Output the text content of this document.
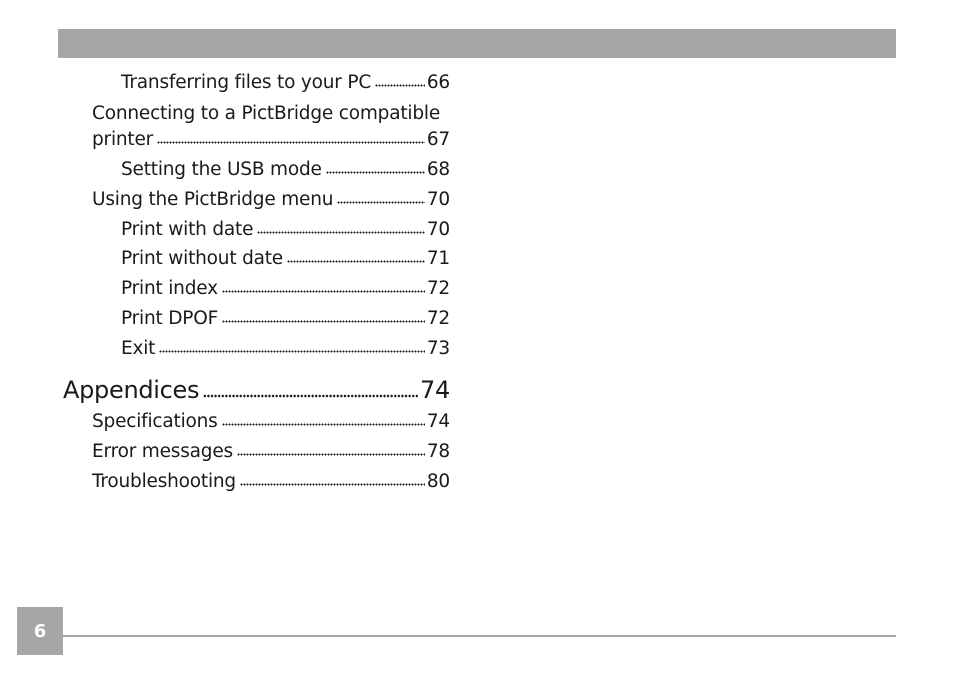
Transferring files to your PC	66
Connecting to a PictBridge compatible
printer	67
Setting the USB mode	68
Using the PictBridge menu	70
Print with date	70
Print without date	71
Print index	72
Print DPOF	72
Exit	73
Appendices	74
Specifications	74
Error messages	78
Troubleshooting	80
6
